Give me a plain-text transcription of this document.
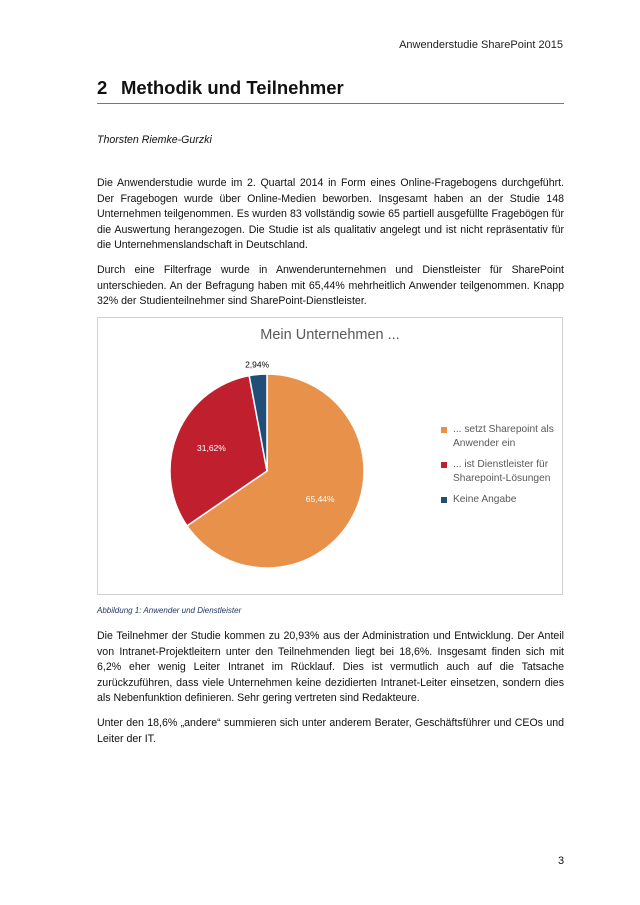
Anwenderstudie SharePoint 2015
2 Methodik und Teilnehmer
Thorsten Riemke-Gurzki
Die Anwenderstudie wurde im 2. Quartal 2014 in Form eines Online-Fragebogens durchgeführt. Der Fragebogen wurde über Online-Medien beworben. Insgesamt haben an der Studie 148 Unternehmen teilgenommen. Es wurden 83 vollständig sowie 65 partiell ausgefüllte Fragebögen für die Auswertung herangezogen. Die Studie ist als qualitativ angelegt und ist nicht repräsentativ für die Unternehmenslandschaft in Deutschland.
Durch eine Filterfrage wurde in Anwenderunternehmen und Dienstleister für SharePoint unterschieden. An der Befragung haben mit 65,44% mehrheitlich Anwender teilgenommen. Knapp 32% der Studienteilnehmer sind SharePoint-Dienstleister.
Mein Unternehmen ...
65,44%
31,62%
2,94%
... setzt Sharepoint als Anwender ein
... ist Dienstleister für Sharepoint-Lösungen
Keine Angabe
Abbildung 1: Anwender und Dienstleister
Die Teilnehmer der Studie kommen zu 20,93% aus der Administration und Entwicklung. Der Anteil von Intranet-Projektleitern unter den Teilnehmenden liegt bei 18,6%. Insgesamt finden sich mit 6,2% eher wenig Leiter Intranet im Rücklauf. Dies ist vermutlich auch auf die Tatsache zurückzuführen, dass viele Unternehmen keine dezidierten Intranet-Leiter einsetzen, sondern dies als Nebenfunktion definieren. Sehr gering vertreten sind Redakteure.
Unter den 18,6% „andere“ summieren sich unter anderem Berater, Geschäftsführer und CEOs und Leiter der IT.
3
